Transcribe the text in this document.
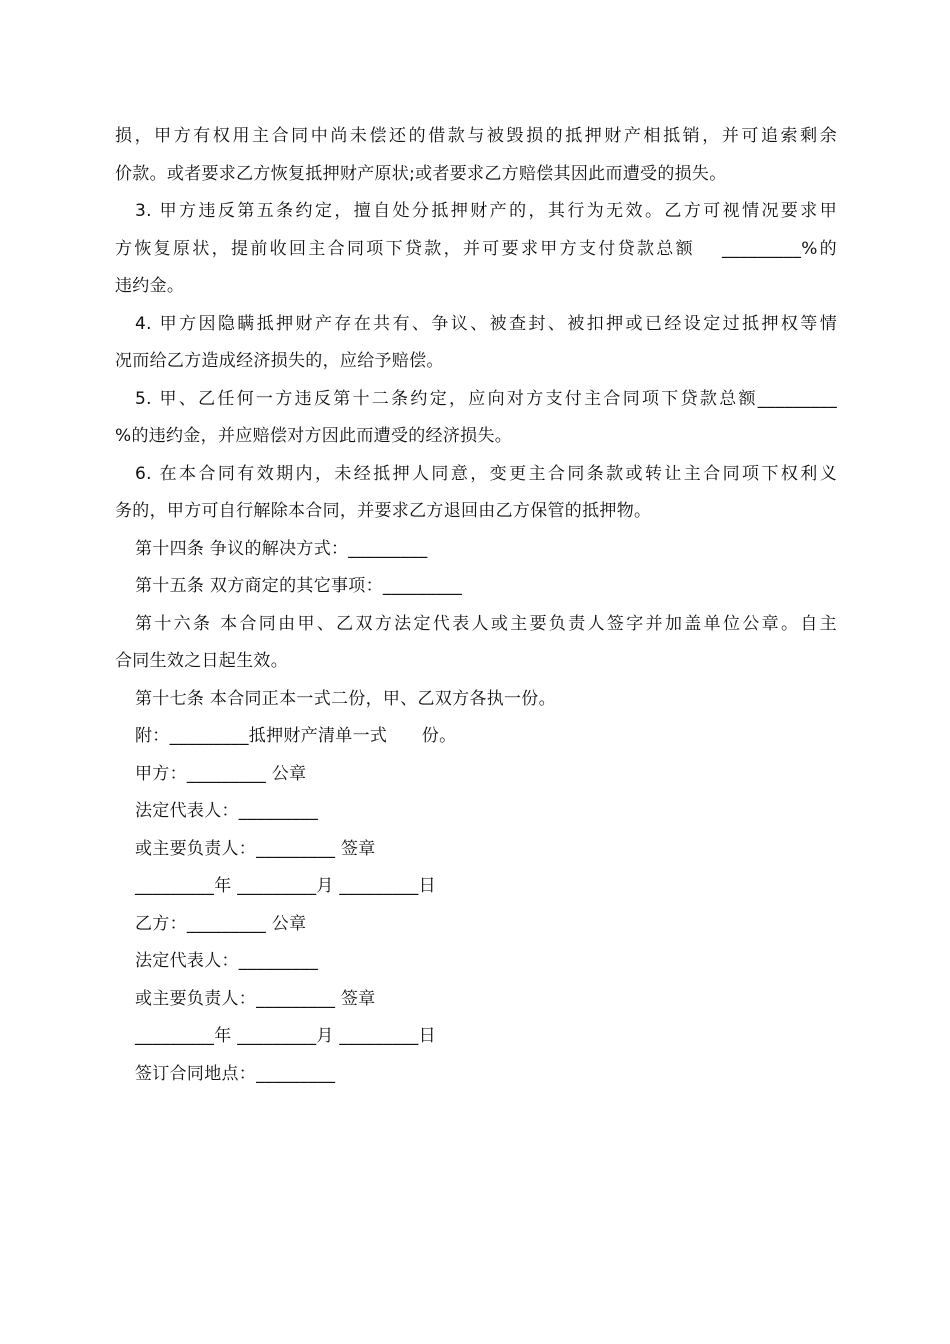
损，甲方有权用主合同中尚未偿还的借款与被毁损的抵押财产相抵销，并可追索剩余
价款。或者要求乙方恢复抵押财产原状;或者要求乙方赔偿其因此而遭受的损失。
3. 甲方违反第五条约定，擅自处分抵押财产的，其行为无效。乙方可视情况要求甲
方恢复原状，提前收回主合同项下贷款，并可要求甲方支付贷款总额　 _________%的
违约金。
4. 甲方因隐瞒抵押财产存在共有、争议、被查封、被扣押或已经设定过抵押权等情
况而给乙方造成经济损失的，应给予赔偿。
5. 甲、乙任何一方违反第十二条约定，应向对方支付主合同项下贷款总额_________
%的违约金，并应赔偿对方因此而遭受的经济损失。
6. 在本合同有效期内，未经抵押人同意，变更主合同条款或转让主合同项下权利义
务的，甲方可自行解除本合同，并要求乙方退回由乙方保管的抵押物。
第十四条 争议的解决方式：_________
第十五条 双方商定的其它事项：_________
第十六条 本合同由甲、乙双方法定代表人或主要负责人签字并加盖单位公章。自主
合同生效之日起生效。
第十七条 本合同正本一式二份，甲、乙双方各执一份。
附：_________抵押财产清单一式　　份。
甲方：_________ 公章
法定代表人：_________
或主要负责人：_________ 签章
_________年 _________月 _________日
乙方：_________ 公章
法定代表人：_________
或主要负责人：_________ 签章
_________年 _________月 _________日
签订合同地点：_________
